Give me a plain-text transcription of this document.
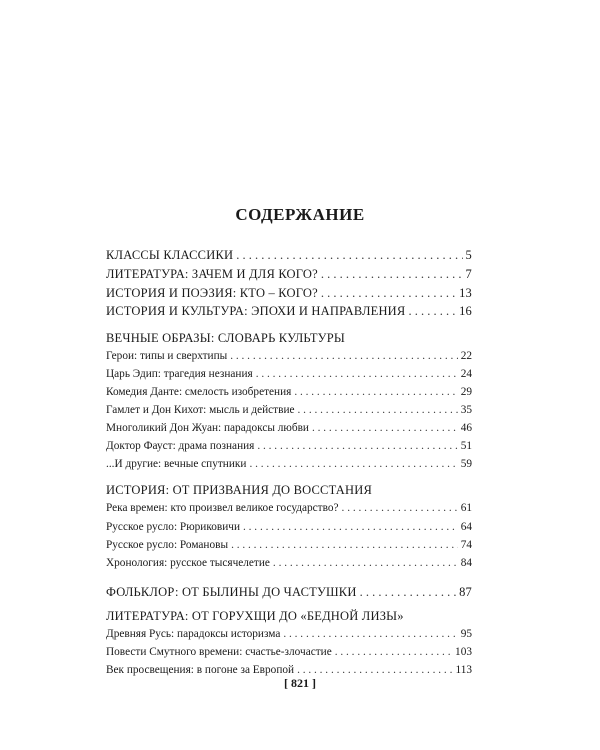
СОДЕРЖАНИЕ
КЛАССЫ КЛАССИКИ . . .	5
ЛИТЕРАТУРА: ЗАЧЕМ И ДЛЯ КОГО? . . .	7
ИСТОРИЯ И ПОЭЗИЯ: КТО – КОГО? . . .	13
ИСТОРИЯ И КУЛЬТУРА: ЭПОХИ И НАПРАВЛЕНИЯ . . .	16
ВЕЧНЫЕ ОБРАЗЫ: СЛОВАРЬ КУЛЬТУРЫ
Герои: типы и сверхтипы . . .	22
Царь Эдип: трагедия незнания . . .	24
Комедия Данте: смелость изобретения . . .	29
Гамлет и Дон Кихот: мысль и действие . . .	35
Многоликий Дон Жуан: парадоксы любви . . .	46
Доктор Фауст: драма познания . . .	51
...И другие: вечные спутники . . .	59
ИСТОРИЯ: ОТ ПРИЗВАНИЯ ДО ВОССТАНИЯ
Река времен: кто произвел великое государство? . . .	61
Русское русло: Рюриковичи . . .	64
Русское русло: Романовы . . .	74
Хронология: русское тысячелетие . . .	84
ФОЛЬКЛОР: ОТ БЫЛИНЫ ДО ЧАСТУШКИ . . .	87
ЛИТЕРАТУРА: ОТ ГОРУХЩИ ДО «БЕДНОЙ ЛИЗЫ»
Древняя Русь: парадоксы историзма . . .	95
Повести Смутного времени: счастье-злочастие . . .	103
Век просвещения: в погоне за Европой . . .	113
[ 821 ]
